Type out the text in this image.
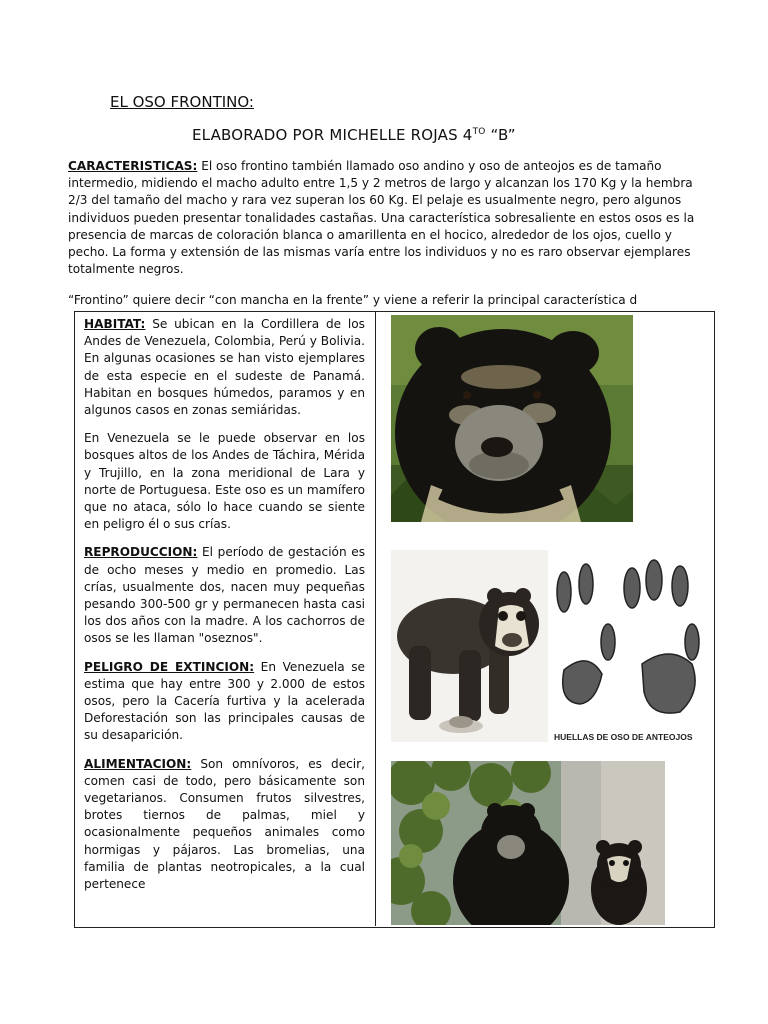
EL OSO FRONTINO:

ELABORADO POR MICHELLE ROJAS $4^{TO}$ “B”

CARACTERISTICAS: El oso frontino también llamado oso andino y oso de anteojos es de tamaño intermedio, midiendo el macho adulto entre 1,5 y 2 metros de largo y alcanzan los 170 Kg y la hembra 2/3 del tamaño del macho y rara vez superan los 60 Kg. El pelaje es usualmente negro, pero algunos individuos pueden presentar tonalidades castañas. Una característica sobresaliente en estos osos es la presencia de marcas de coloración blanca o amarillenta en el hocico, alrededor de los ojos, cuello y pecho. La forma y extensión de las mismas varía entre los individuos y no es raro observar ejemplares totalmente negros.

“Frontino” quiere decir “con mancha en la frente” y viene a referir la principal característica d

HABITAT: Se ubican en la Cordillera de los Andes de Venezuela, Colombia, Perú y Bolivia. En algunas ocasiones se han visto ejemplares de esta especie en el sudeste de Panamá. Habitan en bosques húmedos, paramos y en algunos casos en zonas semiáridas.

En Venezuela se le puede observar en los bosques altos de los Andes de Táchira, Mérida y Trujillo, en la zona meridional de Lara y norte de Portuguesa. Este oso es un mamífero que no ataca, sólo lo hace cuando se siente en peligro él o sus crías.

REPRODUCCION: El período de gestación es de ocho meses y medio en promedio. Las crías, usualmente dos, nacen muy pequeñas pesando 300-500 gr y permanecen hasta casi los dos años con la madre. A los cachorros de osos se les llaman "oseznos".

PELIGRO DE EXTINCION: En Venezuela se estima que hay entre 300 y 2.000 de estos osos, pero la Cacería furtiva y la acelerada Deforestación son las principales causas de su desaparición.

ALIMENTACION: Son omnívoros, es decir, comen casi de todo, pero básicamente son vegetarianos. Consumen frutos silvestres, brotes tiernos de palmas, miel y ocasionalmente pequeños animales como hormigas y pájaros. Las bromelias, una familia de plantas neotropicales, a la cual pertenece

HUELLAS DE OSO DE ANTEOJOS
